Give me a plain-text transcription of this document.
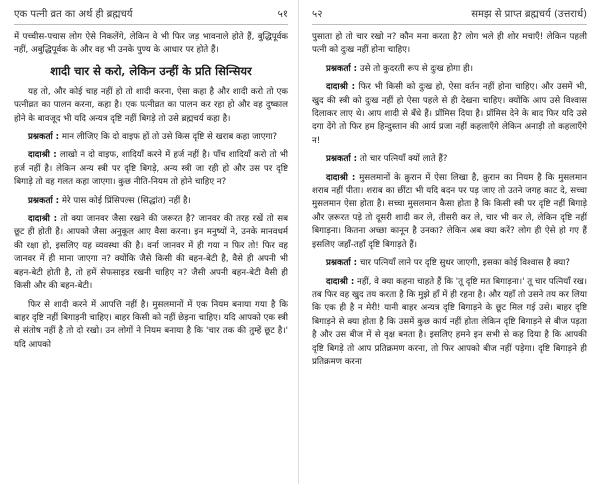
एक पत्नी व्रत का अर्थ ही ब्रह्मचर्य	५१

में पच्चीस-पचास लोग ऐसे निकलेंगे, लेकिन वे भी फिर जड़ भावनाले होते हैं, बुद्धिपूर्वक नहीं, अबुद्धिपूर्वक के और वह भी उनके पुण्य के आधार पर होते हैं।

शादी चार से करो, लेकिन उन्हीं के प्रति सिन्सियर

यह तो, और कोई चाह नहीं हो तो शादी करना, ऐसा कहा है और शादी करो तो एक पत्नीव्रत का पालन करना, कहा है। एक पत्नीव्रत का पालन कर रहा हो और वह दुष्काल होने के बावजूद भी यदि अन्यत्र दृष्टि नहीं बिगड़े तो उसे ब्रह्मचर्य कहा है।

प्रश्नकर्ता : मान लीजिए कि दो वाइफ हों तो उसे किस दृष्टि से खराब कहा जाएगा?

दादाश्री : लाखो न दो वाइफ, शादियाँ करने में हर्ज नहीं है। पाँच शादियाँ करो तो भी हर्ज नहीं है। लेकिन अन्य स्त्री पर दृष्टि बिगड़े, अन्य स्त्री जा रही हो और उस पर दृष्टि बिगाड़े तो वह गलत कहा जाएगा। कुछ नीति-नियम तो होने चाहिए न?

प्रश्नकर्ता : मेरे पास कोई प्रिंसिपल्स (सिद्धांत) नहीं है।

दादाश्री : तो क्या जानवर जैसा रखने की जरूरत है? जानवर की तरह रखें तो सब छूट ही होती है। आपको जैसा अनुकूल आए वैसा करना। इन मनुष्यों ने, उनके मानवधर्म की रक्षा हो, इसलिए यह व्यवस्था की है। वर्ना जानवर में ही गया न फिर तो! फिर वह जानवर में ही माना जाएगा न? क्योंकि जैसे किसी की बहन-बेटी है, वैसे ही अपनी भी बहन-बेटी होती है, तो हमें सेफसाइड रखनी चाहिए न? जैसी अपनी बहन-बेटी वैसी ही किसी और की बहन-बेटी।

फिर से शादी करने में आपत्ति नहीं है। मुसलमानों में एक नियम बनाया गया है कि बाहर दृष्टि नहीं बिगाड़नी चाहिए। बाहर किसी को नहीं छेड़ना चाहिए। यदि आपको एक स्त्री से संतोष नहीं है तो दो रखो। उन लोगों ने नियम बनाया है कि 'चार तक की तुम्हें छूट है।' यदि आपको

५२	समझ से प्राप्त ब्रह्मचर्य (उत्तरार्ध)

पुसाता हो तो चार रखो न? कौन मना करता है? लोग भले ही शोर मचाएँ! लेकिन पहली पत्नी को दुःख नहीं होना चाहिए।

प्रश्नकर्ता : उसे तो कुदरती रूप से दुःख होगा ही।

दादाश्री : फिर भी किसी को दुःख हो, ऐसा वर्तन नहीं होना चाहिए। और उसमें भी, खुद की स्त्री को दुःख नहीं हो ऐसा पहले से ही देखना चाहिए। क्योंकि आप उसे विश्वास दिलाकर लाए थे। आप शादी से बँधे हैं। प्रॉमिस दिया है। प्रॉमिस देने के बाद फिर यदि उसे दगा देंगे तो फिर हम हिन्दुस्तान की आर्य प्रजा नहीं कहलाएँगे लेकिन अनाड़ी तो कहलाएँगे न!

प्रश्नकर्ता : तो चार पत्नियाँ क्यों लाते हैं?

दादाश्री : मुसलमानों के क़ुरान में ऐसा लिखा है, क़ुरान का नियम है कि मुसलमान शराब नहीं पीता। शराब का छींटा भी यदि बदन पर पड़ जाए तो उतने जगह काट दे, सच्चा मुसलमान ऐसा होता है। सच्चा मुसलमान कैसा होता है कि किसी स्त्री पर दृष्टि नहीं बिगाड़े और ज़रूरत पड़े तो दूसरी शादी कर ले, तीसरी कर ले, चार भी कर ले, लेकिन दृष्टि नहीं बिगाड़ना। कितना अच्छा कानून है उनका? लेकिन अब क्या करें? लोग ही ऐसे हो गए हैं इसलिए जहाँ-तहाँ दृष्टि बिगाड़ते हैं।

प्रश्नकर्ता : चार पत्नियाँ लाने पर दृष्टि सुधर जाएगी, इसका कोई विश्वास है क्या?

दादाश्री : नहीं, वे क्या कहना चाहते हैं कि 'तू दृष्टि मत बिगाड़ना।' तू चार पत्नियाँ रख। तब फिर वह खुद तय करता है कि मुझे हाँ में ही रहना है। और यहाँ तो उसने तय कर लिया कि एक ही है न मेरी! यानी बाहर अन्यत्र दृष्टि बिगाड़ने के छूट मिल गई उसे। बाहर दृष्टि बिगाड़ने से क्या होता है कि उसमें कुछ कार्य नहीं होता लेकिन दृष्टि बिगाड़ने से बीज पड़ता है और उस बीज में से वृक्ष बनता है। इसलिए हमने इन सभी से कह दिया है कि आपकी दृष्टि बिगड़े तो आप प्रतिक्रमण करना, तो फिर आपको बीज नहीं पड़ेगा। दृष्टि बिगाड़ने ही प्रतिक्रमण करना
